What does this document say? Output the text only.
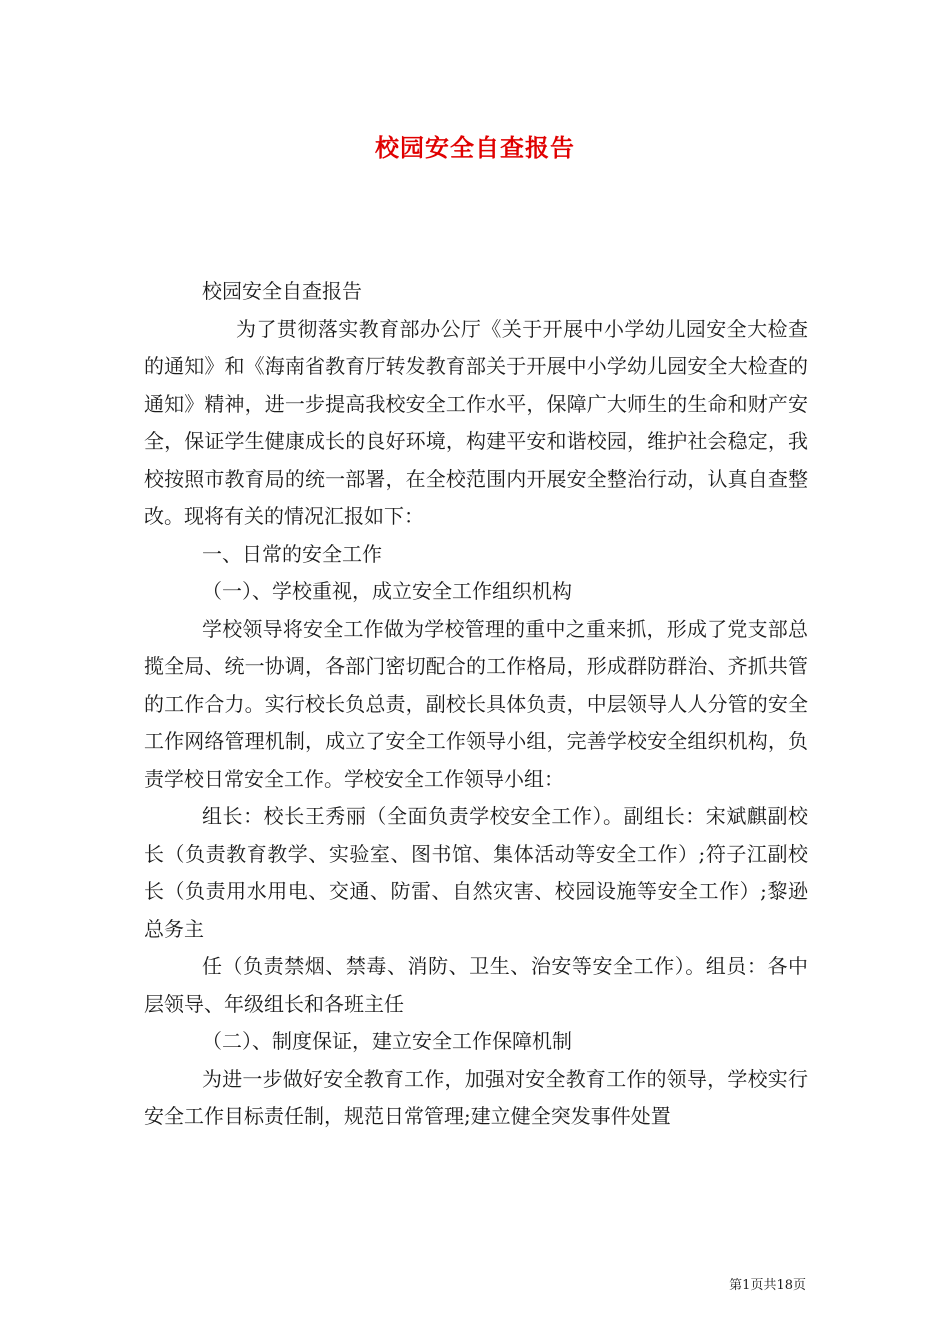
校园安全自查报告

校园安全自查报告

为了贯彻落实教育部办公厅《关于开展中小学幼儿园安全大检查的通知》和《海南省教育厅转发教育部关于开展中小学幼儿园安全大检查的通知》精神，进一步提高我校安全工作水平，保障广大师生的生命和财产安全，保证学生健康成长的良好环境，构建平安和谐校园，维护社会稳定，我校按照市教育局的统一部署，在全校范围内开展安全整治行动，认真自查整改。现将有关的情况汇报如下：

一、日常的安全工作

（一）、学校重视，成立安全工作组织机构

学校领导将安全工作做为学校管理的重中之重来抓，形成了党支部总揽全局、统一协调，各部门密切配合的工作格局，形成群防群治、齐抓共管的工作合力。实行校长负总责，副校长具体负责，中层领导人人分管的安全工作网络管理机制，成立了安全工作领导小组，完善学校安全组织机构，负责学校日常安全工作。学校安全工作领导小组：

组长：校长王秀丽（全面负责学校安全工作）。副组长：宋斌麒副校长（负责教育教学、实验室、图书馆、集体活动等安全工作）;符子江副校长（负责用水用电、交通、防雷、自然灾害、校园设施等安全工作）;黎逊总务主

任（负责禁烟、禁毒、消防、卫生、治安等安全工作）。组员：各中层领导、年级组长和各班主任

（二）、制度保证，建立安全工作保障机制

为进一步做好安全教育工作，加强对安全教育工作的领导，学校实行安全工作目标责任制，规范日常管理;建立健全突发事件处置

第1页共18页
